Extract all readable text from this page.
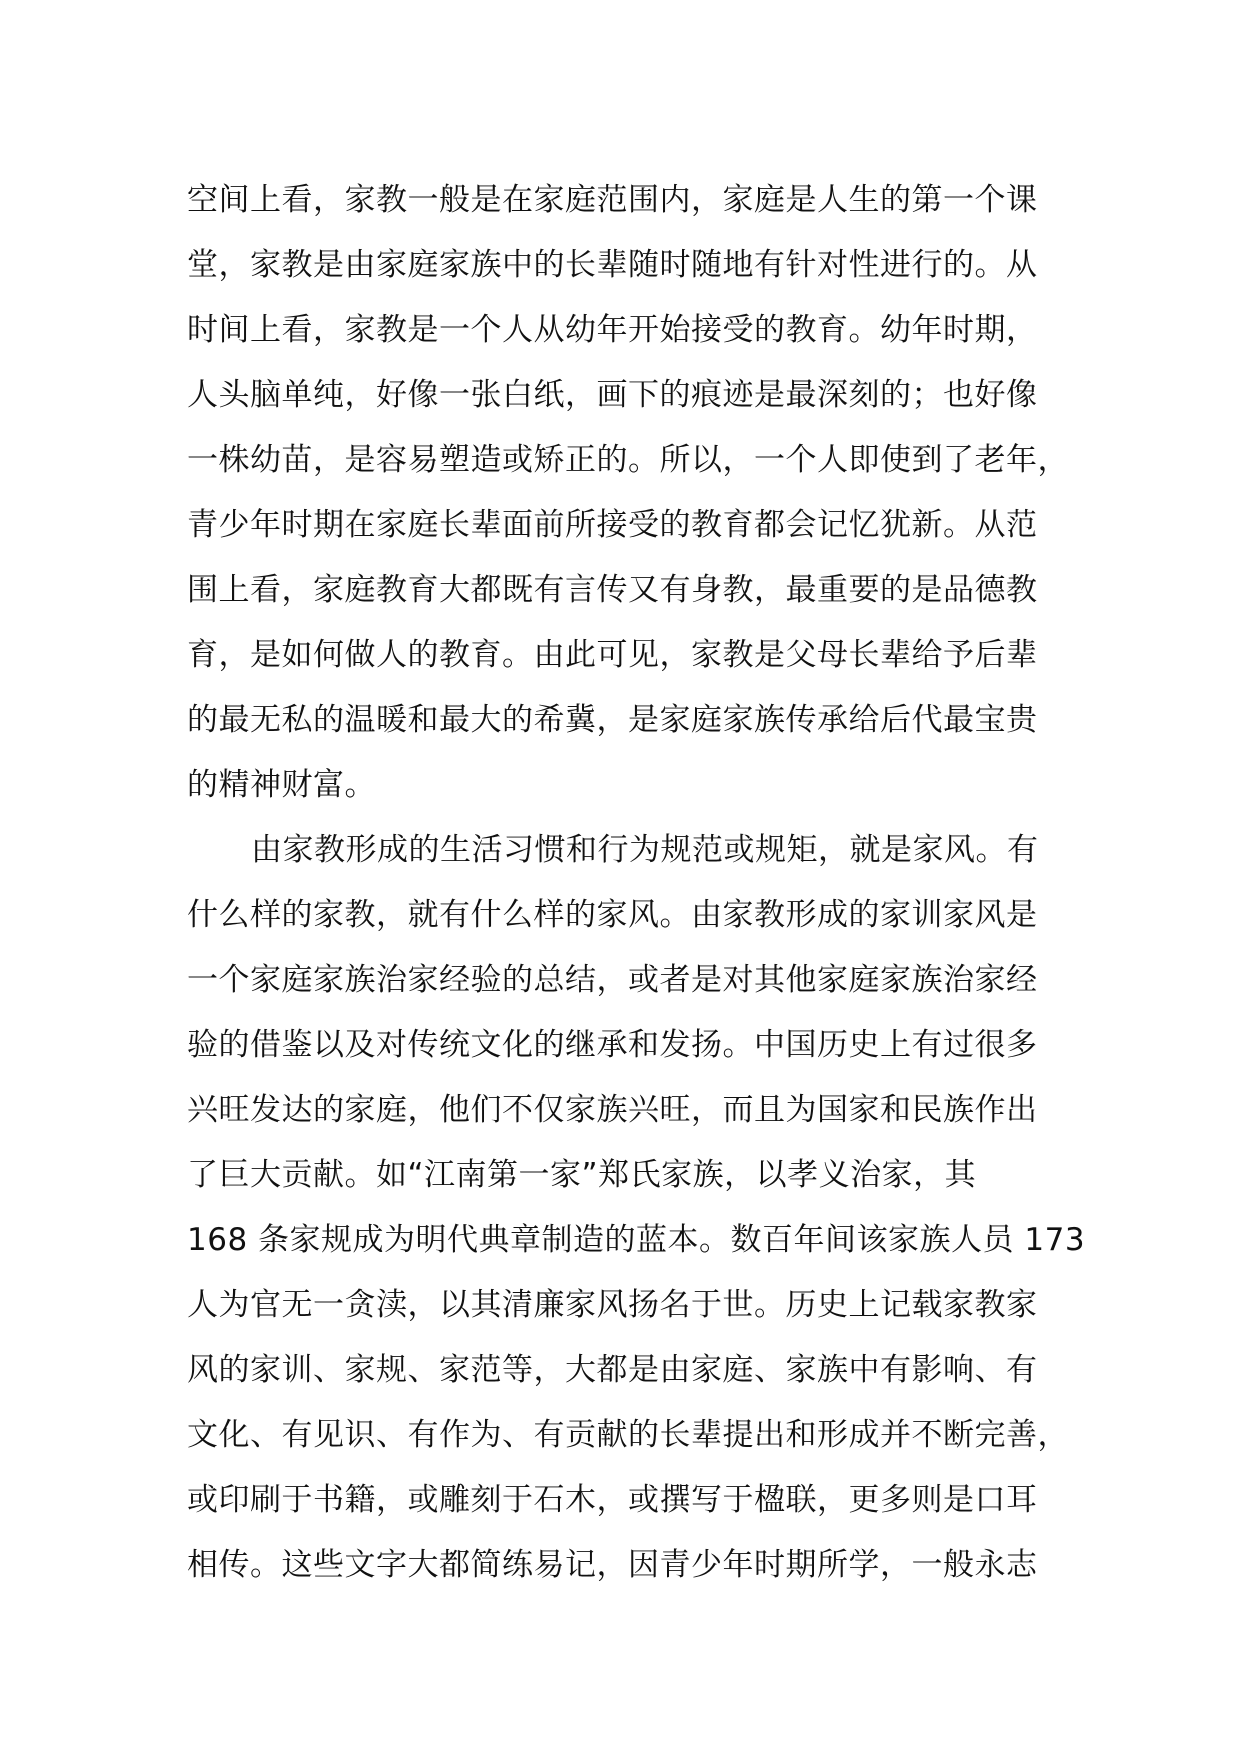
空间上看，家教一般是在家庭范围内，家庭是人生的第一个课
堂，家教是由家庭家族中的长辈随时随地有针对性进行的。从
时间上看，家教是一个人从幼年开始接受的教育。幼年时期，
人头脑单纯，好像一张白纸，画下的痕迹是最深刻的；也好像
一株幼苗，是容易塑造或矫正的。所以，一个人即使到了老年，
青少年时期在家庭长辈面前所接受的教育都会记忆犹新。从范
围上看，家庭教育大都既有言传又有身教，最重要的是品德教
育，是如何做人的教育。由此可见，家教是父母长辈给予后辈
的最无私的温暖和最大的希冀，是家庭家族传承给后代最宝贵
的精神财富。
由家教形成的生活习惯和行为规范或规矩，就是家风。有
什么样的家教，就有什么样的家风。由家教形成的家训家风是
一个家庭家族治家经验的总结，或者是对其他家庭家族治家经
验的借鉴以及对传统文化的继承和发扬。中国历史上有过很多
兴旺发达的家庭，他们不仅家族兴旺，而且为国家和民族作出
了巨大贡献。如“江南第一家”郑氏家族，以孝义治家，其
168 条家规成为明代典章制造的蓝本。数百年间该家族人员 173
人为官无一贪渎，以其清廉家风扬名于世。历史上记载家教家
风的家训、家规、家范等，大都是由家庭、家族中有影响、有
文化、有见识、有作为、有贡献的长辈提出和形成并不断完善，
或印刷于书籍，或雕刻于石木，或撰写于楹联，更多则是口耳
相传。这些文字大都简练易记，因青少年时期所学，一般永志
